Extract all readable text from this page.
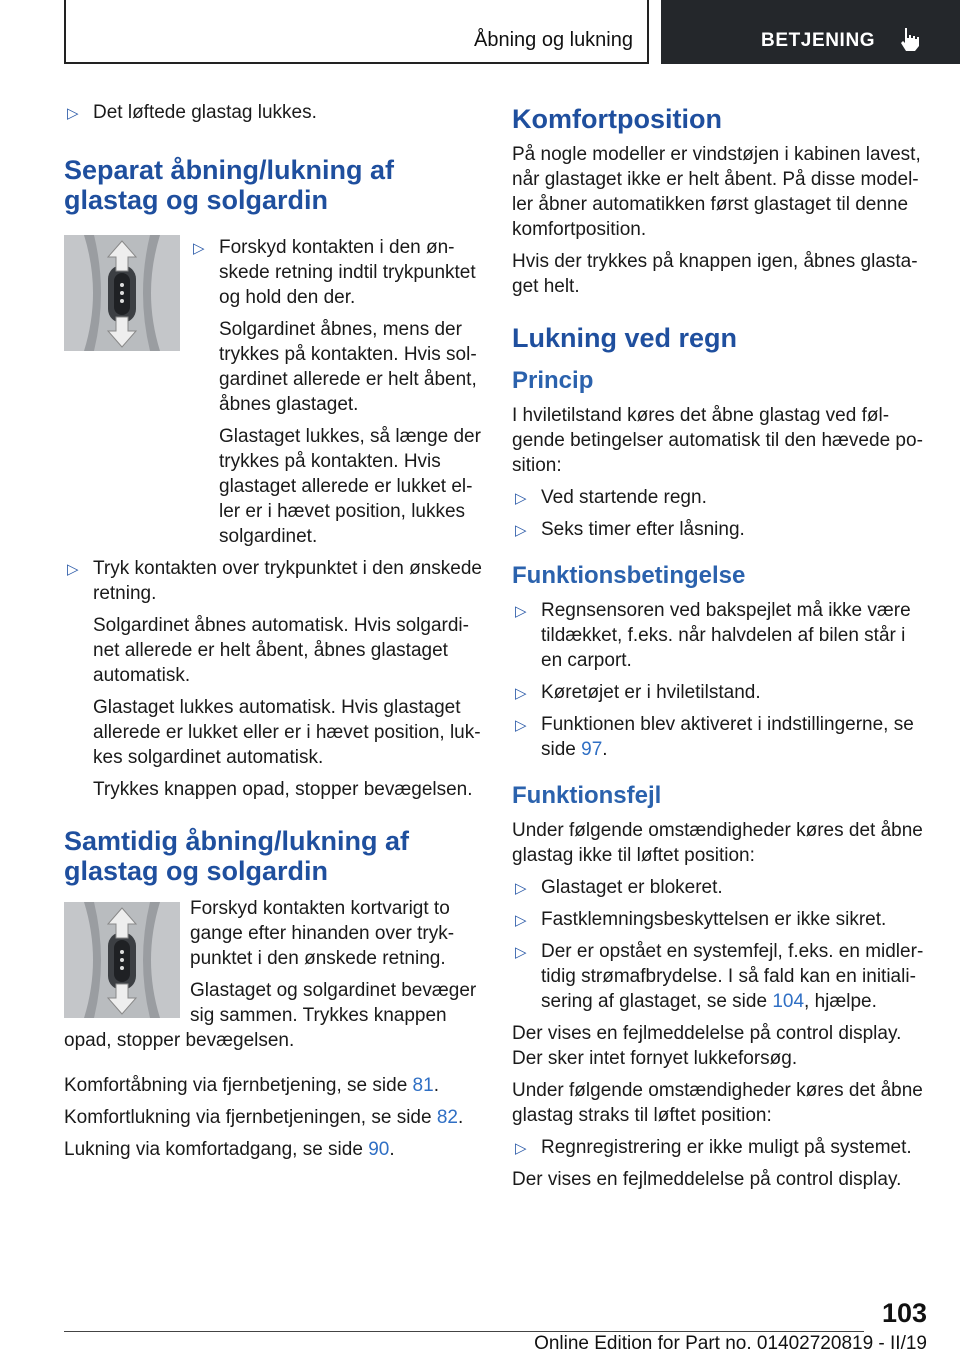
Åbning og lukning	BETJENING
▷ Det løftede glastag lukkes.
Separat åbning/lukning af glastag og solgardin
▷ Forskyd kontakten i den ønskede retning indtil trykpunktet og hold den der.
Solgardinet åbnes, mens der trykkes på kontakten. Hvis solgardinet allerede er helt åbent, åbnes glastaget.
Glastaget lukkes, så længe der trykkes på kontakten. Hvis glastaget allerede er lukket eller er i hævet position, lukkes solgardinet.
▷ Tryk kontakten over trykpunktet i den ønskede retning.
Solgardinet åbnes automatisk. Hvis solgardinet allerede er helt åbent, åbnes glastaget automatisk.
Glastaget lukkes automatisk. Hvis glastaget allerede er lukket eller er i hævet position, lukkes solgardinet automatisk.
Trykkes knappen opad, stopper bevægelsen.
Samtidig åbning/lukning af glastag og solgardin

Forskyd kontakten kortvarigt to gange efter hinanden over trykpunktet i den ønskede retning.

Glastaget og solgardinet bevæger sig sammen. Trykkes knappen opad, stopper bevægelsen.

Komfortåbning via fjernbetjening, se side 81.

Komfortlukning via fjernbetjeningen, se side 82.

Lukning via komfortadgang, se side 90.

Komfortposition

På nogle modeller er vindstøjen i kabinen lavest, når glastaget ikke er helt åbent. På disse modeller åbner automatikken først glastaget til denne komfortposition.

Hvis der trykkes på knappen igen, åbnes glastaget helt.

Lukning ved regn
Princip

I hviletilstand køres det åbne glastag ved følgende betingelser automatisk til den hævede position:

▷ Ved startende regn.
▷ Seks timer efter låsning.
Funktionsbetingelse
▷ Regnsensoren ved bakspejlet må ikke være tildækket, f.eks. når halvdelen af bilen står i en carport.
▷ Køretøjet er i hviletilstand.
▷ Funktionen blev aktiveret i indstillingerne, se side 97.
Funktionsfejl

Under følgende omstændigheder køres det åbne glastag ikke til løftet position:

▷ Glastaget er blokeret.
▷ Fastklemningsbeskyttelsen er ikke sikret.
▷ Der er opstået en systemfejl, f.eks. en midlertidig strømafbrydelse. I så fald kan en initialisering af glastaget, se side 104, hjælpe.

Der vises en fejlmeddelelse på control display. Der sker intet fornyet lukkeforsøg.

Under følgende omstændigheder køres det åbne glastag straks til løftet position:

▷ Regnregistrering er ikke muligt på systemet.

Der vises en fejlmeddelelse på control display.

103
Online Edition for Part no. 01402720819 - II/19
